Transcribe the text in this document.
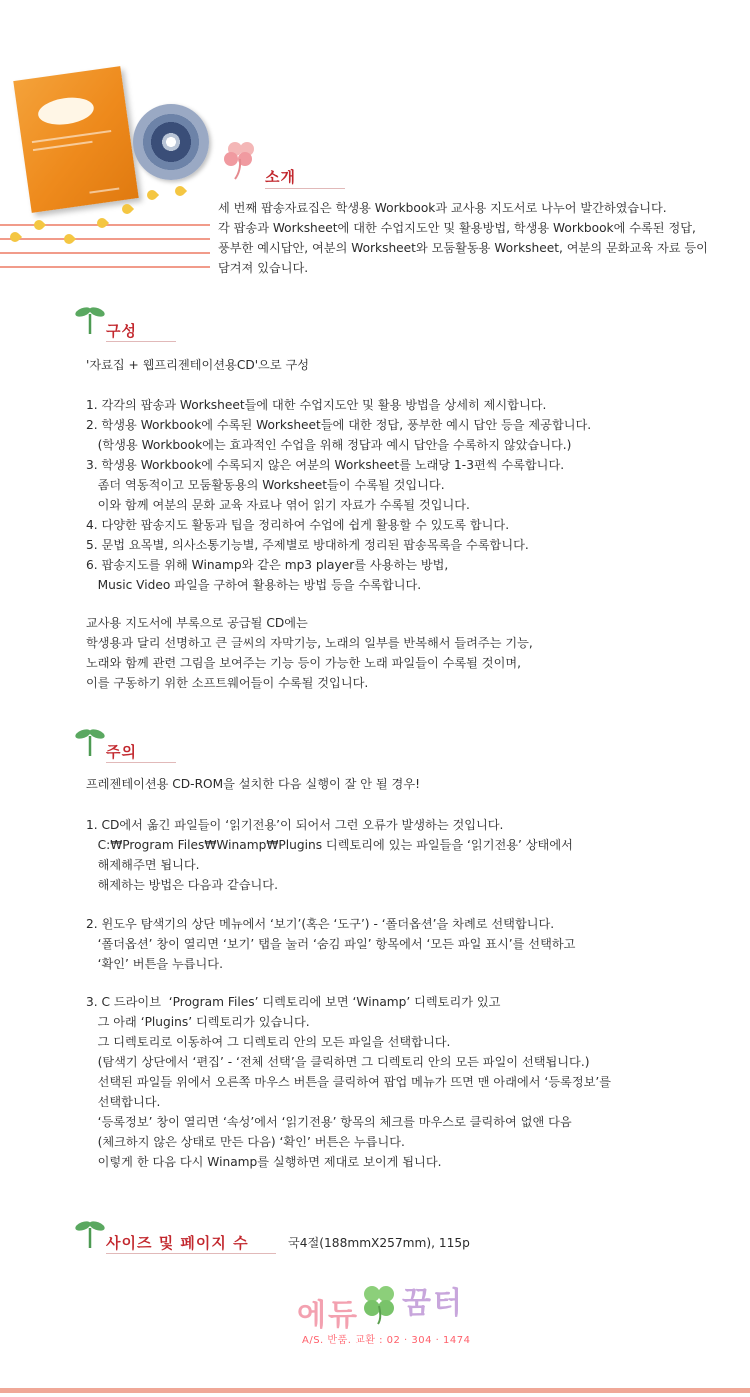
소개
세 번째 팝송자료집은 학생용 Workbook과 교사용 지도서로 나누어 발간하였습니다.
각 팝송과 Worksheet에 대한 수업지도안 및 활용방법, 학생용 Workbook에 수록된 정답,
풍부한 예시답안, 여분의 Worksheet와 모둠활동용 Worksheet, 여분의 문화교육 자료 등이
담겨져 있습니다.
구성
'자료집 + 웹프리젠테이션용CD'으로 구성
1. 각각의 팝송과 Worksheet들에 대한 수업지도안 및 활용 방법을 상세히 제시합니다.
2. 학생용 Workbook에 수록된 Worksheet들에 대한 정답, 풍부한 예시 답안 등을 제공합니다.
(학생용 Workbook에는 효과적인 수업을 위해 정답과 예시 답안을 수록하지 않았습니다.)
3. 학생용 Workbook에 수록되지 않은 여분의 Worksheet를 노래당 1-3편씩 수록합니다.
좀더 역동적이고 모둠활동용의 Worksheet들이 수록될 것입니다.
이와 함께 여분의 문화 교육 자료나 엮어 읽기 자료가 수록될 것입니다.
4. 다양한 팝송지도 활동과 팁을 정리하여 수업에 쉽게 활용할 수 있도록 합니다.
5. 문법 요목별, 의사소통기능별, 주제별로 방대하게 정리된 팝송목록을 수록합니다.
6. 팝송지도를 위해 Winamp와 같은 mp3 player를 사용하는 방법,
Music Video 파일을 구하여 활용하는 방법 등을 수록합니다.
교사용 지도서에 부록으로 공급될 CD에는
학생용과 달리 선명하고 큰 글씨의 자막기능, 노래의 일부를 반복해서 들려주는 기능,
노래와 함께 관련 그림을 보여주는 기능 등이 가능한 노래 파일들이 수록될 것이며,
이를 구동하기 위한 소프트웨어들이 수록될 것입니다.
주의
프레젠테이션용 CD-ROM을 설치한 다음 실행이 잘 안 될 경우!
1. CD에서 옮긴 파일들이 ‘읽기전용’이 되어서 그런 오류가 발생하는 것입니다.
C:₩Program Files₩Winamp₩Plugins 디렉토리에 있는 파일들을 ‘읽기전용’ 상태에서
해제해주면 됩니다.
해제하는 방법은 다음과 같습니다.
2. 윈도우 탐색기의 상단 메뉴에서 ‘보기’(혹은 ‘도구’) - ‘폴더옵션’을 차례로 선택합니다.
‘폴더옵션’ 창이 열리면 ‘보기’ 탭을 눌러 ‘숨김 파일’ 항목에서 ‘모든 파일 표시’를 선택하고
‘확인’ 버튼을 누릅니다.
3. C 드라이브  ‘Program Files’ 디렉토리에 보면 ‘Winamp’ 디렉토리가 있고
그 아래 ‘Plugins’ 디렉토리가 있습니다.
그 디렉토리로 이동하여 그 디렉토리 안의 모든 파일을 선택합니다.
(탐색기 상단에서 ‘편집’ - ‘전체 선택’을 클릭하면 그 디렉토리 안의 모든 파일이 선택됩니다.)
선택된 파일들 위에서 오른쪽 마우스 버튼을 클릭하여 팝업 메뉴가 뜨면 맨 아래에서 ‘등록정보’를
선택합니다.
‘등록정보’ 창이 열리면 ‘속성’에서 ‘읽기전용’ 항목의 체크를 마우스로 클릭하여 없앤 다음
(체크하지 않은 상태로 만든 다음) ‘확인’ 버튼은 누릅니다.
이렇게 한 다음 다시 Winamp를 실행하면 제대로 보이게 됩니다.
사이즈 및 페이지 수	국4절(188mmX257mm), 115p
에듀 꿈터
A/S. 반품. 교환 : 02 · 304 · 1474
